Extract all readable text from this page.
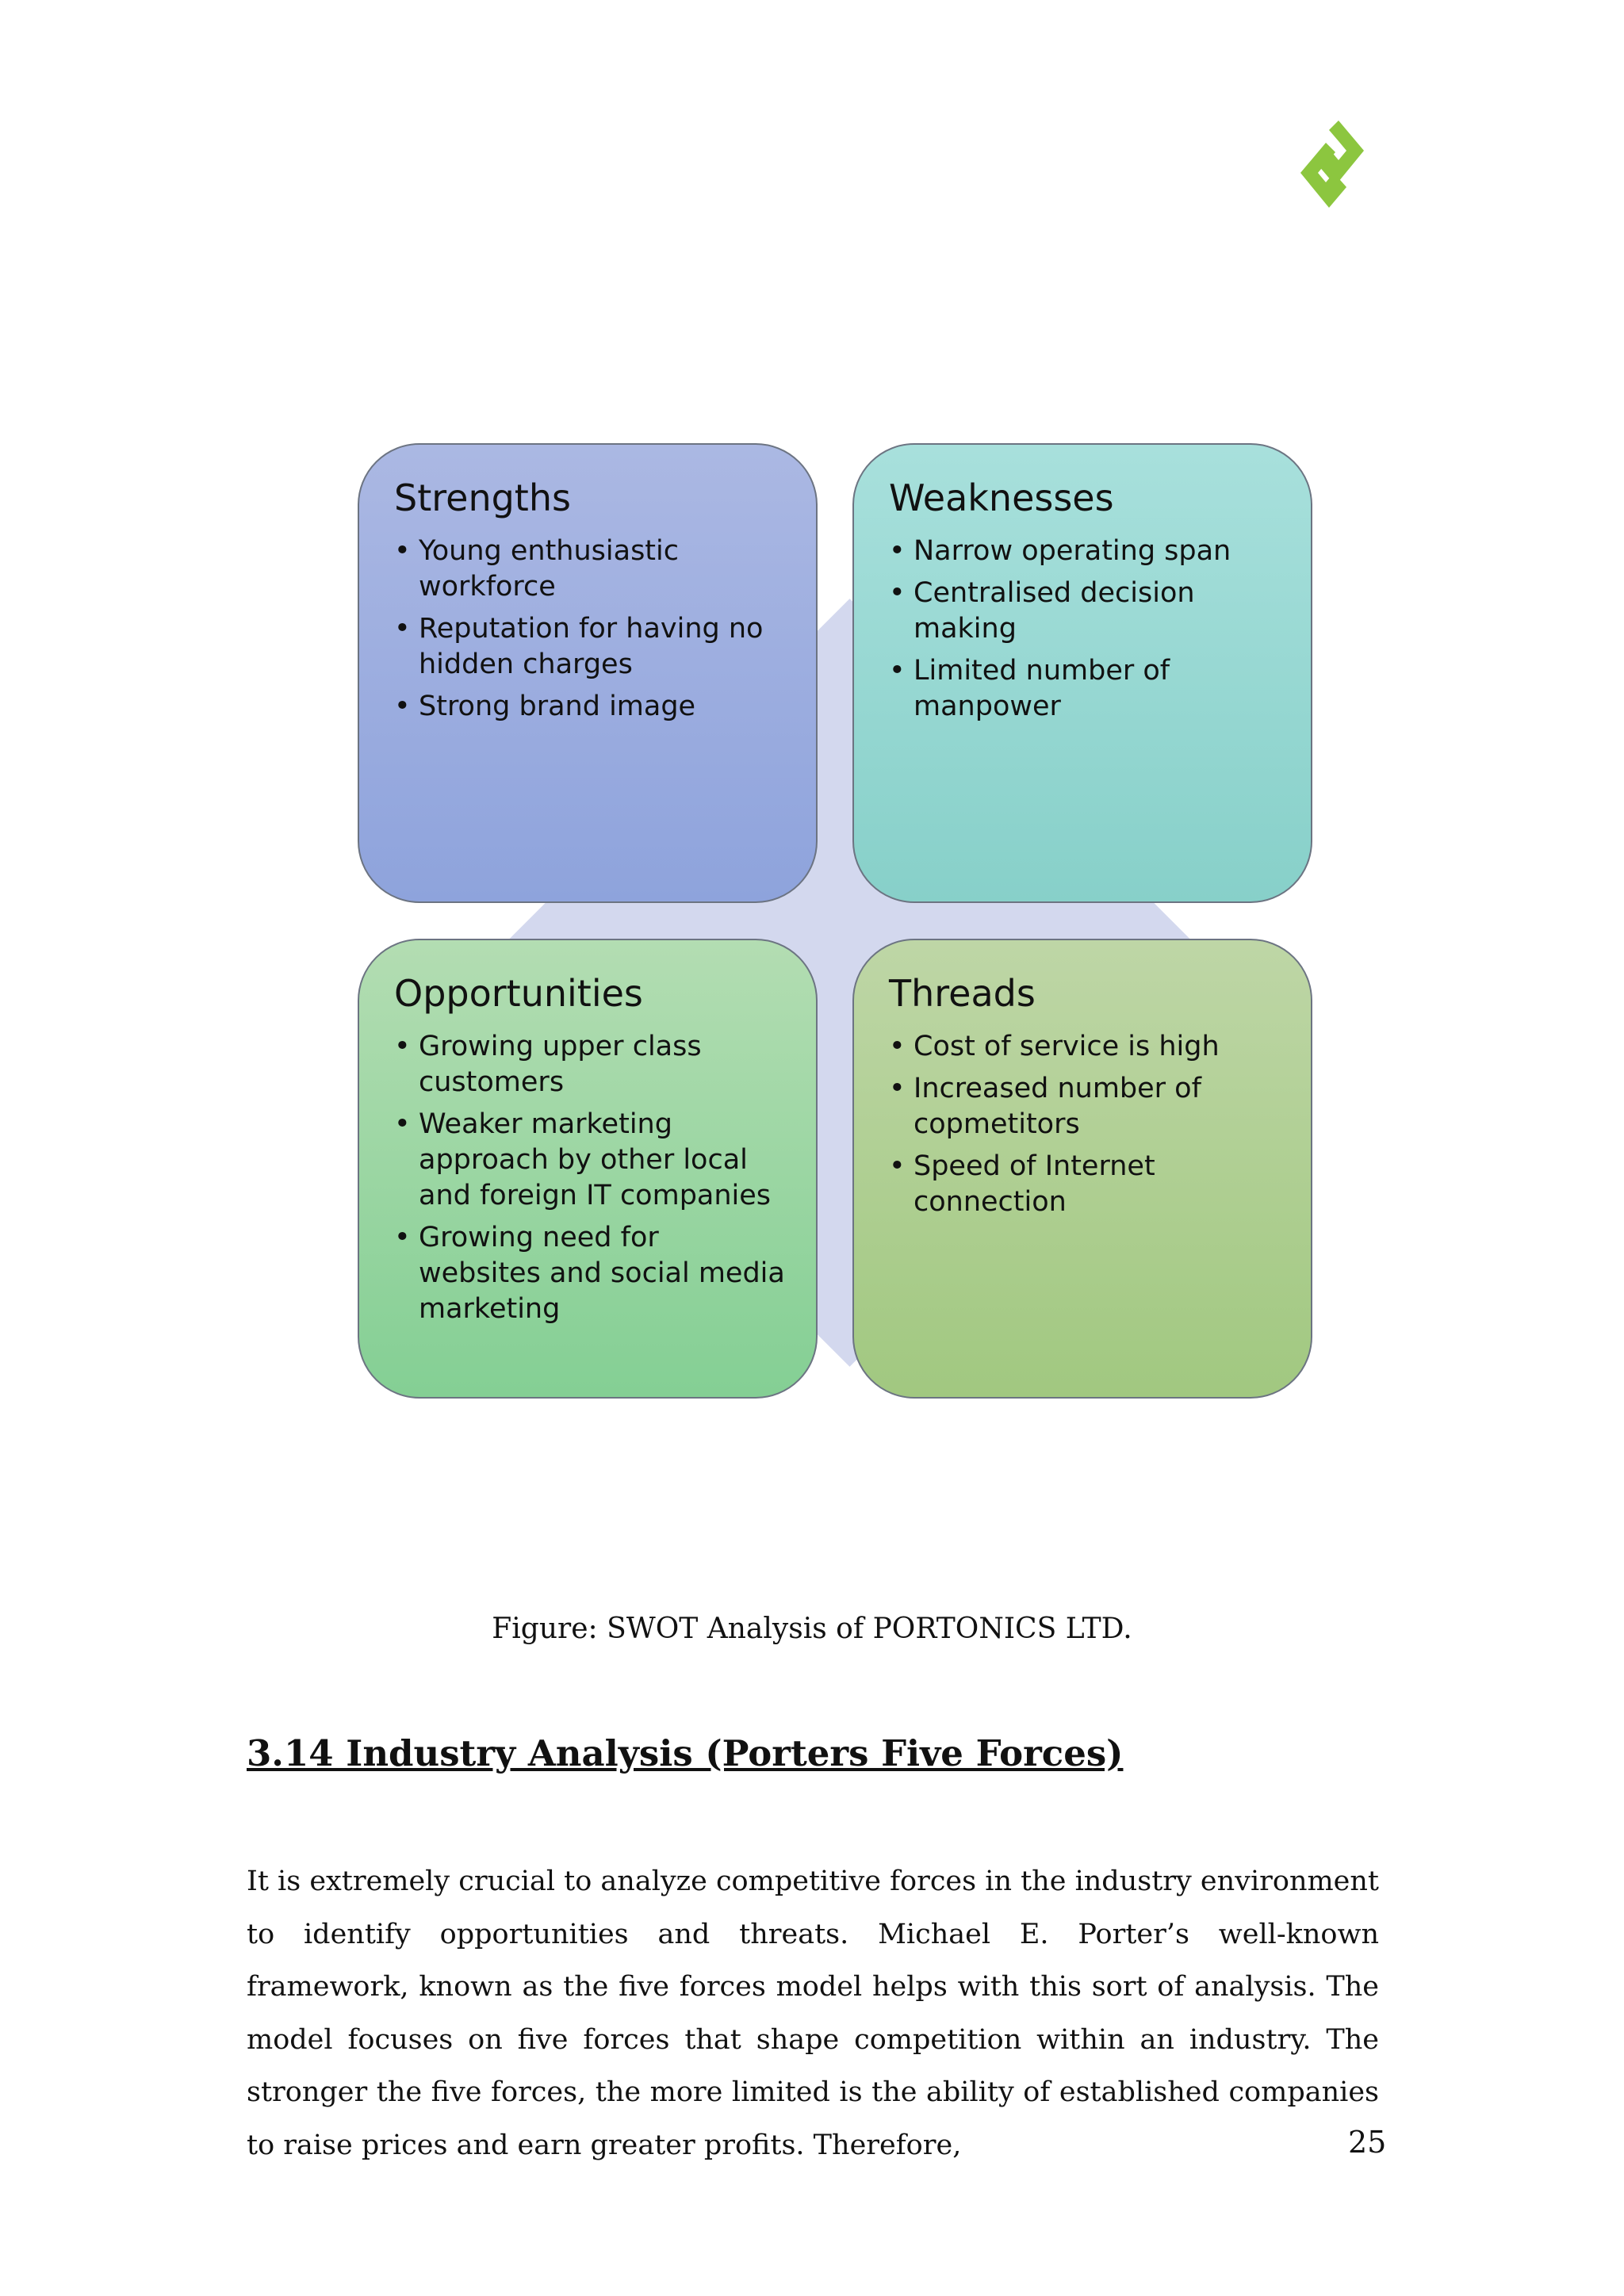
Strengths
• Young enthusiastic workforce
• Reputation for having no hidden charges
• Strong brand image
Weaknesses
• Narrow operating span
• Centralised decision making
• Limited number of manpower
Opportunities
• Growing upper class customers
• Weaker marketing approach by other local and foreign IT companies
• Growing need for websites and social media marketing
Threads
• Cost of service is high
• Increased number of copmetitors
• Speed of Internet connection
Figure: SWOT Analysis of PORTONICS LTD.
3.14 Industry Analysis (Porters Five Forces)

It is extremely crucial to analyze competitive forces in the industry environment to identify opportunities and threats. Michael E. Porter’s well-known framework, known as the five forces model helps with this sort of analysis. The model focuses on five forces that shape competition within an industry. The stronger the five forces, the more limited is the ability of established companies to raise prices and earn greater profits. Therefore,	25
